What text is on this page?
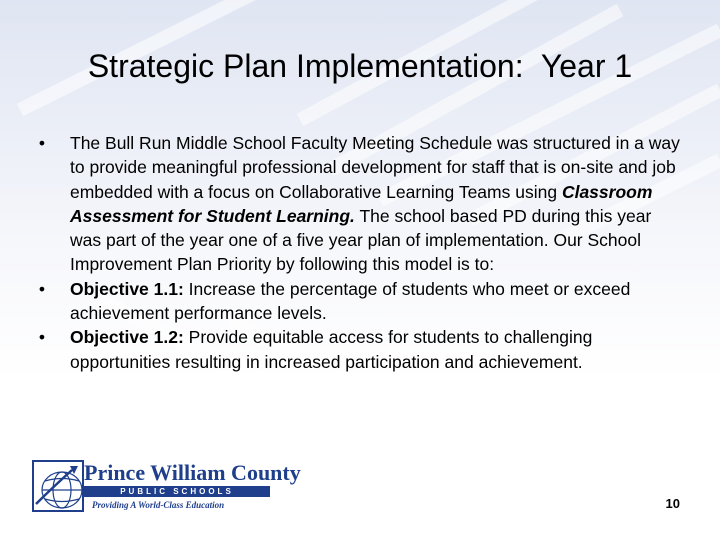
Strategic Plan Implementation:  Year 1
•	The Bull Run Middle School Faculty Meeting Schedule was structured in a way to provide meaningful professional development for staff that is on-site and job embedded with a focus on Collaborative Learning Teams using Classroom Assessment for Student Learning. The school based PD during this year was part of the year one of a five year plan of implementation. Our School Improvement Plan Priority by following this model is to:
•	Objective 1.1: Increase the percentage of students who meet or exceed achievement performance levels.
•	Objective 1.2: Provide equitable access for students to challenging opportunities resulting in increased participation and achievement.
Prince William County
PUBLIC SCHOOLS
Providing A World-Class Education	10
